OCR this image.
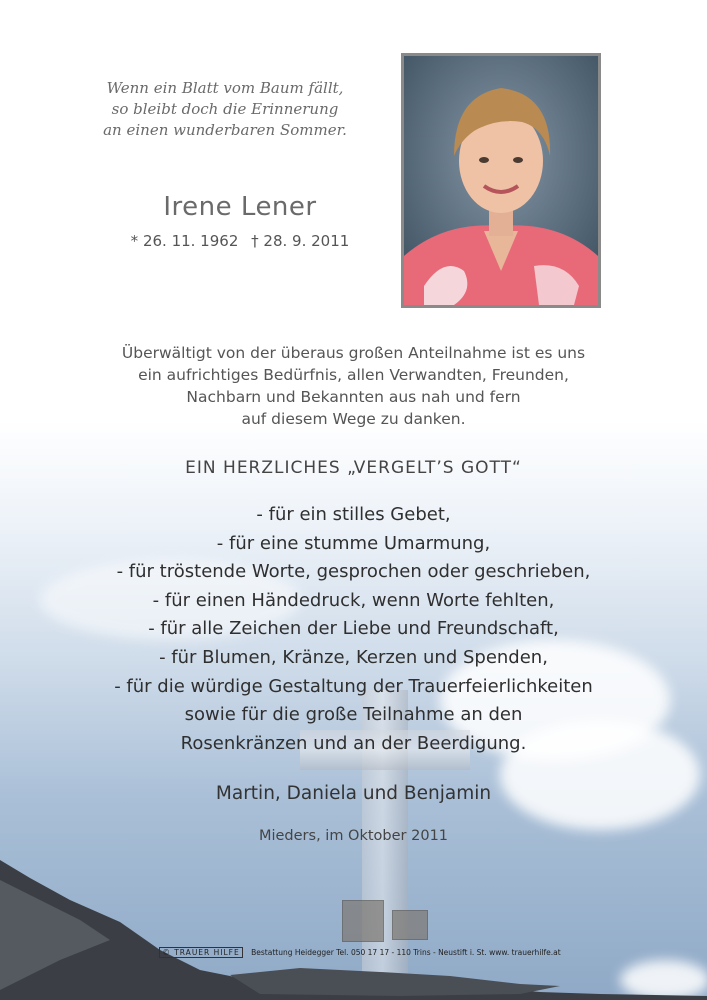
Wenn ein Blatt vom Baum fällt,
so bleibt doch die Erinnerung
an einen wunderbaren Sommer.
Irene Lener
* 26. 11. 1962 † 28. 9. 2011
Überwältigt von der überaus großen Anteilnahme ist es uns
ein aufrichtiges Bedürfnis, allen Verwandten, Freunden,
Nachbarn und Bekannten aus nah und fern
auf diesem Wege zu danken.
EIN HERZLICHES „VERGELT’S GOTT“
- für ein stilles Gebet,
- für eine stumme Umarmung,
- für tröstende Worte, gesprochen oder geschrieben,
- für einen Händedruck, wenn Worte fehlten,
- für alle Zeichen der Liebe und Freundschaft,
- für Blumen, Kränze, Kerzen und Spenden,
- für die würdige Gestaltung der Trauerfeierlichkeiten
sowie für die große Teilnahme an den
Rosenkränzen und an der Beerdigung.
Martin, Daniela und Benjamin
Mieders, im Oktober 2011
© TRAUER HILFE Bestattung Heidegger Tel. 050 17 17 - 110 Trins - Neustift i. St. www. trauerhilfe.at
